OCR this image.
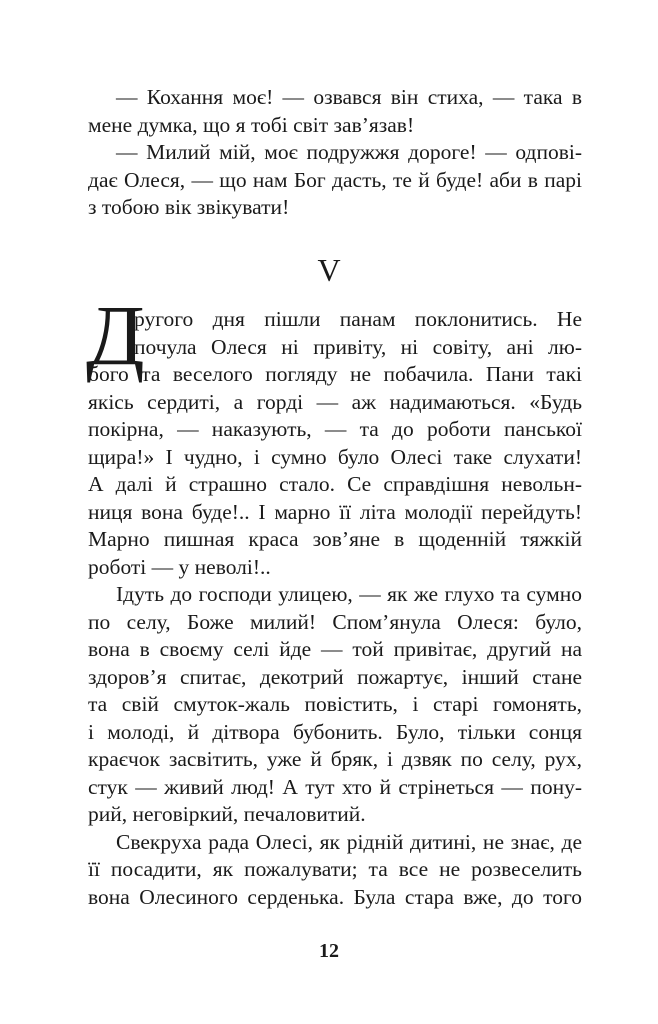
— Кохання моє! — озвався він стиха, — така в
мене думка, що я тобі світ зав’язав!
— Милий мій, моє подружжя дороге! — одпові-
дає Олеся, — що нам Бог дасть, те й буде! аби в парі
з тобою вік звікувати!
V
Д
ругого дня пішли панам поклонитись. Не
почула Олеся ні привіту, ні совіту, ані лю-
бого та веселого погляду не побачила. Пани такі
якісь сердиті, а горді — аж надимаються. «Будь
покірна, — наказують, — та до роботи панської
щира!» І чудно, і сумно було Олесі таке слухати!
А далі й страшно стало. Се справдішня невольн-
ниця вона буде!.. І марно її літа молодії перейдуть!
Марно пишная краса зов’яне в щоденній тяжкій
роботі — у неволі!..
Ідуть до господи улицею, — як же глухо та сумно
по селу, Боже милий! Спом’янула Олеся: було,
вона в своєму селі йде — той привітає, другий на
здоров’я спитає, декотрий пожартує, інший стане
та свій смуток-жаль повістить, і старі гомонять,
і молоді, й дітвора бубонить. Було, тільки сонця
краєчок засвітить, уже й бряк, і дзвяк по селу, рух,
стук — живий люд! А тут хто й стрінеться — пону-
рий, неговіркий, печаловитий.
Свекруха рада Олесі, як рідній дитині, не знає, де
її посадити, як пожалувати; та все не розвеселить
вона Олесиного серденька. Була стара вже, до того
12
